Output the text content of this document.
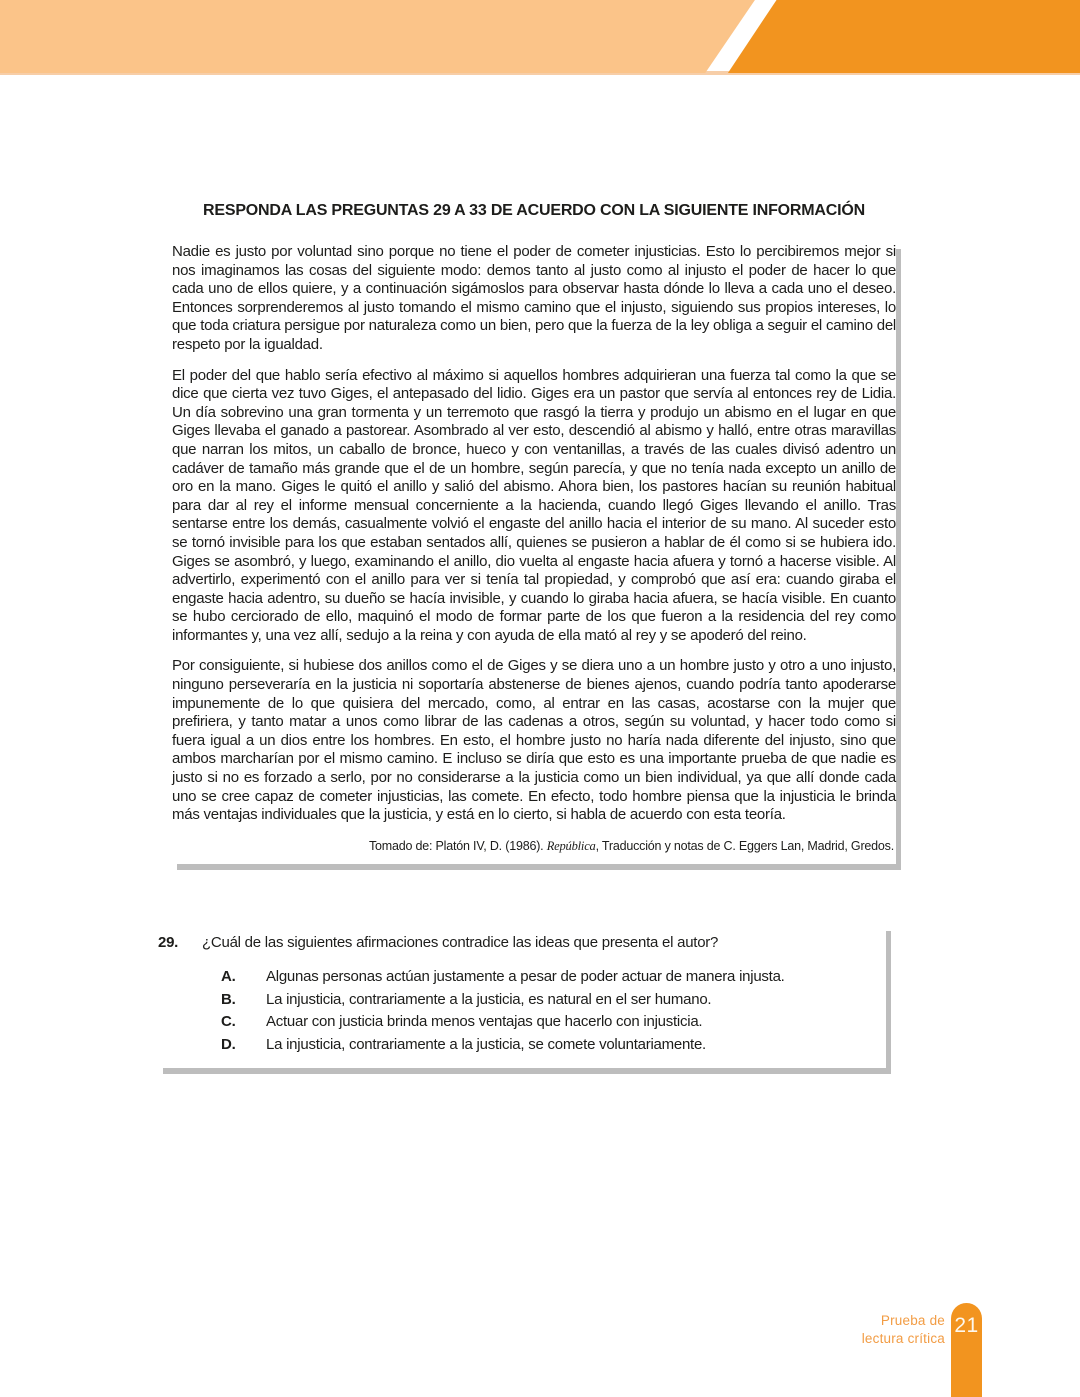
RESPONDA LAS PREGUNTAS 29 A 33 DE ACUERDO CON LA SIGUIENTE INFORMACIÓN

Nadie es justo por voluntad sino porque no tiene el poder de cometer injusticias. Esto lo percibiremos mejor si nos imaginamos las cosas del siguiente modo: demos tanto al justo como al injusto el poder de hacer lo que cada uno de ellos quiere, y a continuación sigámoslos para observar hasta dónde lo lleva a cada uno el deseo. Entonces sorprenderemos al justo tomando el mismo camino que el injusto, siguiendo sus propios intereses, lo que toda criatura persigue por naturaleza como un bien, pero que la fuerza de la ley obliga a seguir el camino del respeto por la igualdad.

El poder del que hablo sería efectivo al máximo si aquellos hombres adquirieran una fuerza tal como la que se dice que cierta vez tuvo Giges, el antepasado del lidio. Giges era un pastor que servía al entonces rey de Lidia. Un día sobrevino una gran tormenta y un terremoto que rasgó la tierra y produjo un abismo en el lugar en que Giges llevaba el ganado a pastorear. Asombrado al ver esto, descendió al abismo y halló, entre otras maravillas que narran los mitos, un caballo de bronce, hueco y con ventanillas, a través de las cuales divisó adentro un cadáver de tamaño más grande que el de un hombre, según parecía, y que no tenía nada excepto un anillo de oro en la mano. Giges le quitó el anillo y salió del abismo. Ahora bien, los pastores hacían su reunión habitual para dar al rey el informe mensual concerniente a la hacienda, cuando llegó Giges llevando el anillo. Tras sentarse entre los demás, casualmente volvió el engaste del anillo hacia el interior de su mano. Al suceder esto se tornó invisible para los que estaban sentados allí, quienes se pusieron a hablar de él como si se hubiera ido. Giges se asombró, y luego, examinando el anillo, dio vuelta al engaste hacia afuera y tornó a hacerse visible. Al advertirlo, experimentó con el anillo para ver si tenía tal propiedad, y comprobó que así era: cuando giraba el engaste hacia adentro, su dueño se hacía invisible, y cuando lo giraba hacia afuera, se hacía visible. En cuanto se hubo cerciorado de ello, maquinó el modo de formar parte de los que fueron a la residencia del rey como informantes y, una vez allí, sedujo a la reina y con ayuda de ella mató al rey y se apoderó del reino.

Por consiguiente, si hubiese dos anillos como el de Giges y se diera uno a un hombre justo y otro a uno injusto, ninguno perseveraría en la justicia ni soportaría abstenerse de bienes ajenos, cuando podría tanto apoderarse impunemente de lo que quisiera del mercado, como, al entrar en las casas, acostarse con la mujer que prefiriera, y tanto matar a unos como librar de las cadenas a otros, según su voluntad, y hacer todo como si fuera igual a un dios entre los hombres. En esto, el hombre justo no haría nada diferente del injusto, sino que ambos marcharían por el mismo camino. E incluso se diría que esto es una importante prueba de que nadie es justo si no es forzado a serlo, por no considerarse a la justicia como un bien individual, ya que allí donde cada uno se cree capaz de cometer injusticias, las comete. En efecto, todo hombre piensa que la injusticia le brinda más ventajas individuales que la justicia, y está en lo cierto, si habla de acuerdo con esta teoría.

Tomado de: Platón IV, D. (1986). República, Traducción y notas de C. Eggers Lan, Madrid, Gredos.
29.	¿Cuál de las siguientes afirmaciones contradice las ideas que presenta el autor?
A.	Algunas personas actúan justamente a pesar de poder actuar de manera injusta.
B.	La injusticia, contrariamente a la justicia, es natural en el ser humano.
C.	Actuar con justicia brinda menos ventajas que hacerlo con injusticia.
D.	La injusticia, contrariamente a la justicia, se comete voluntariamente.
Prueba de
lectura crítica
21
